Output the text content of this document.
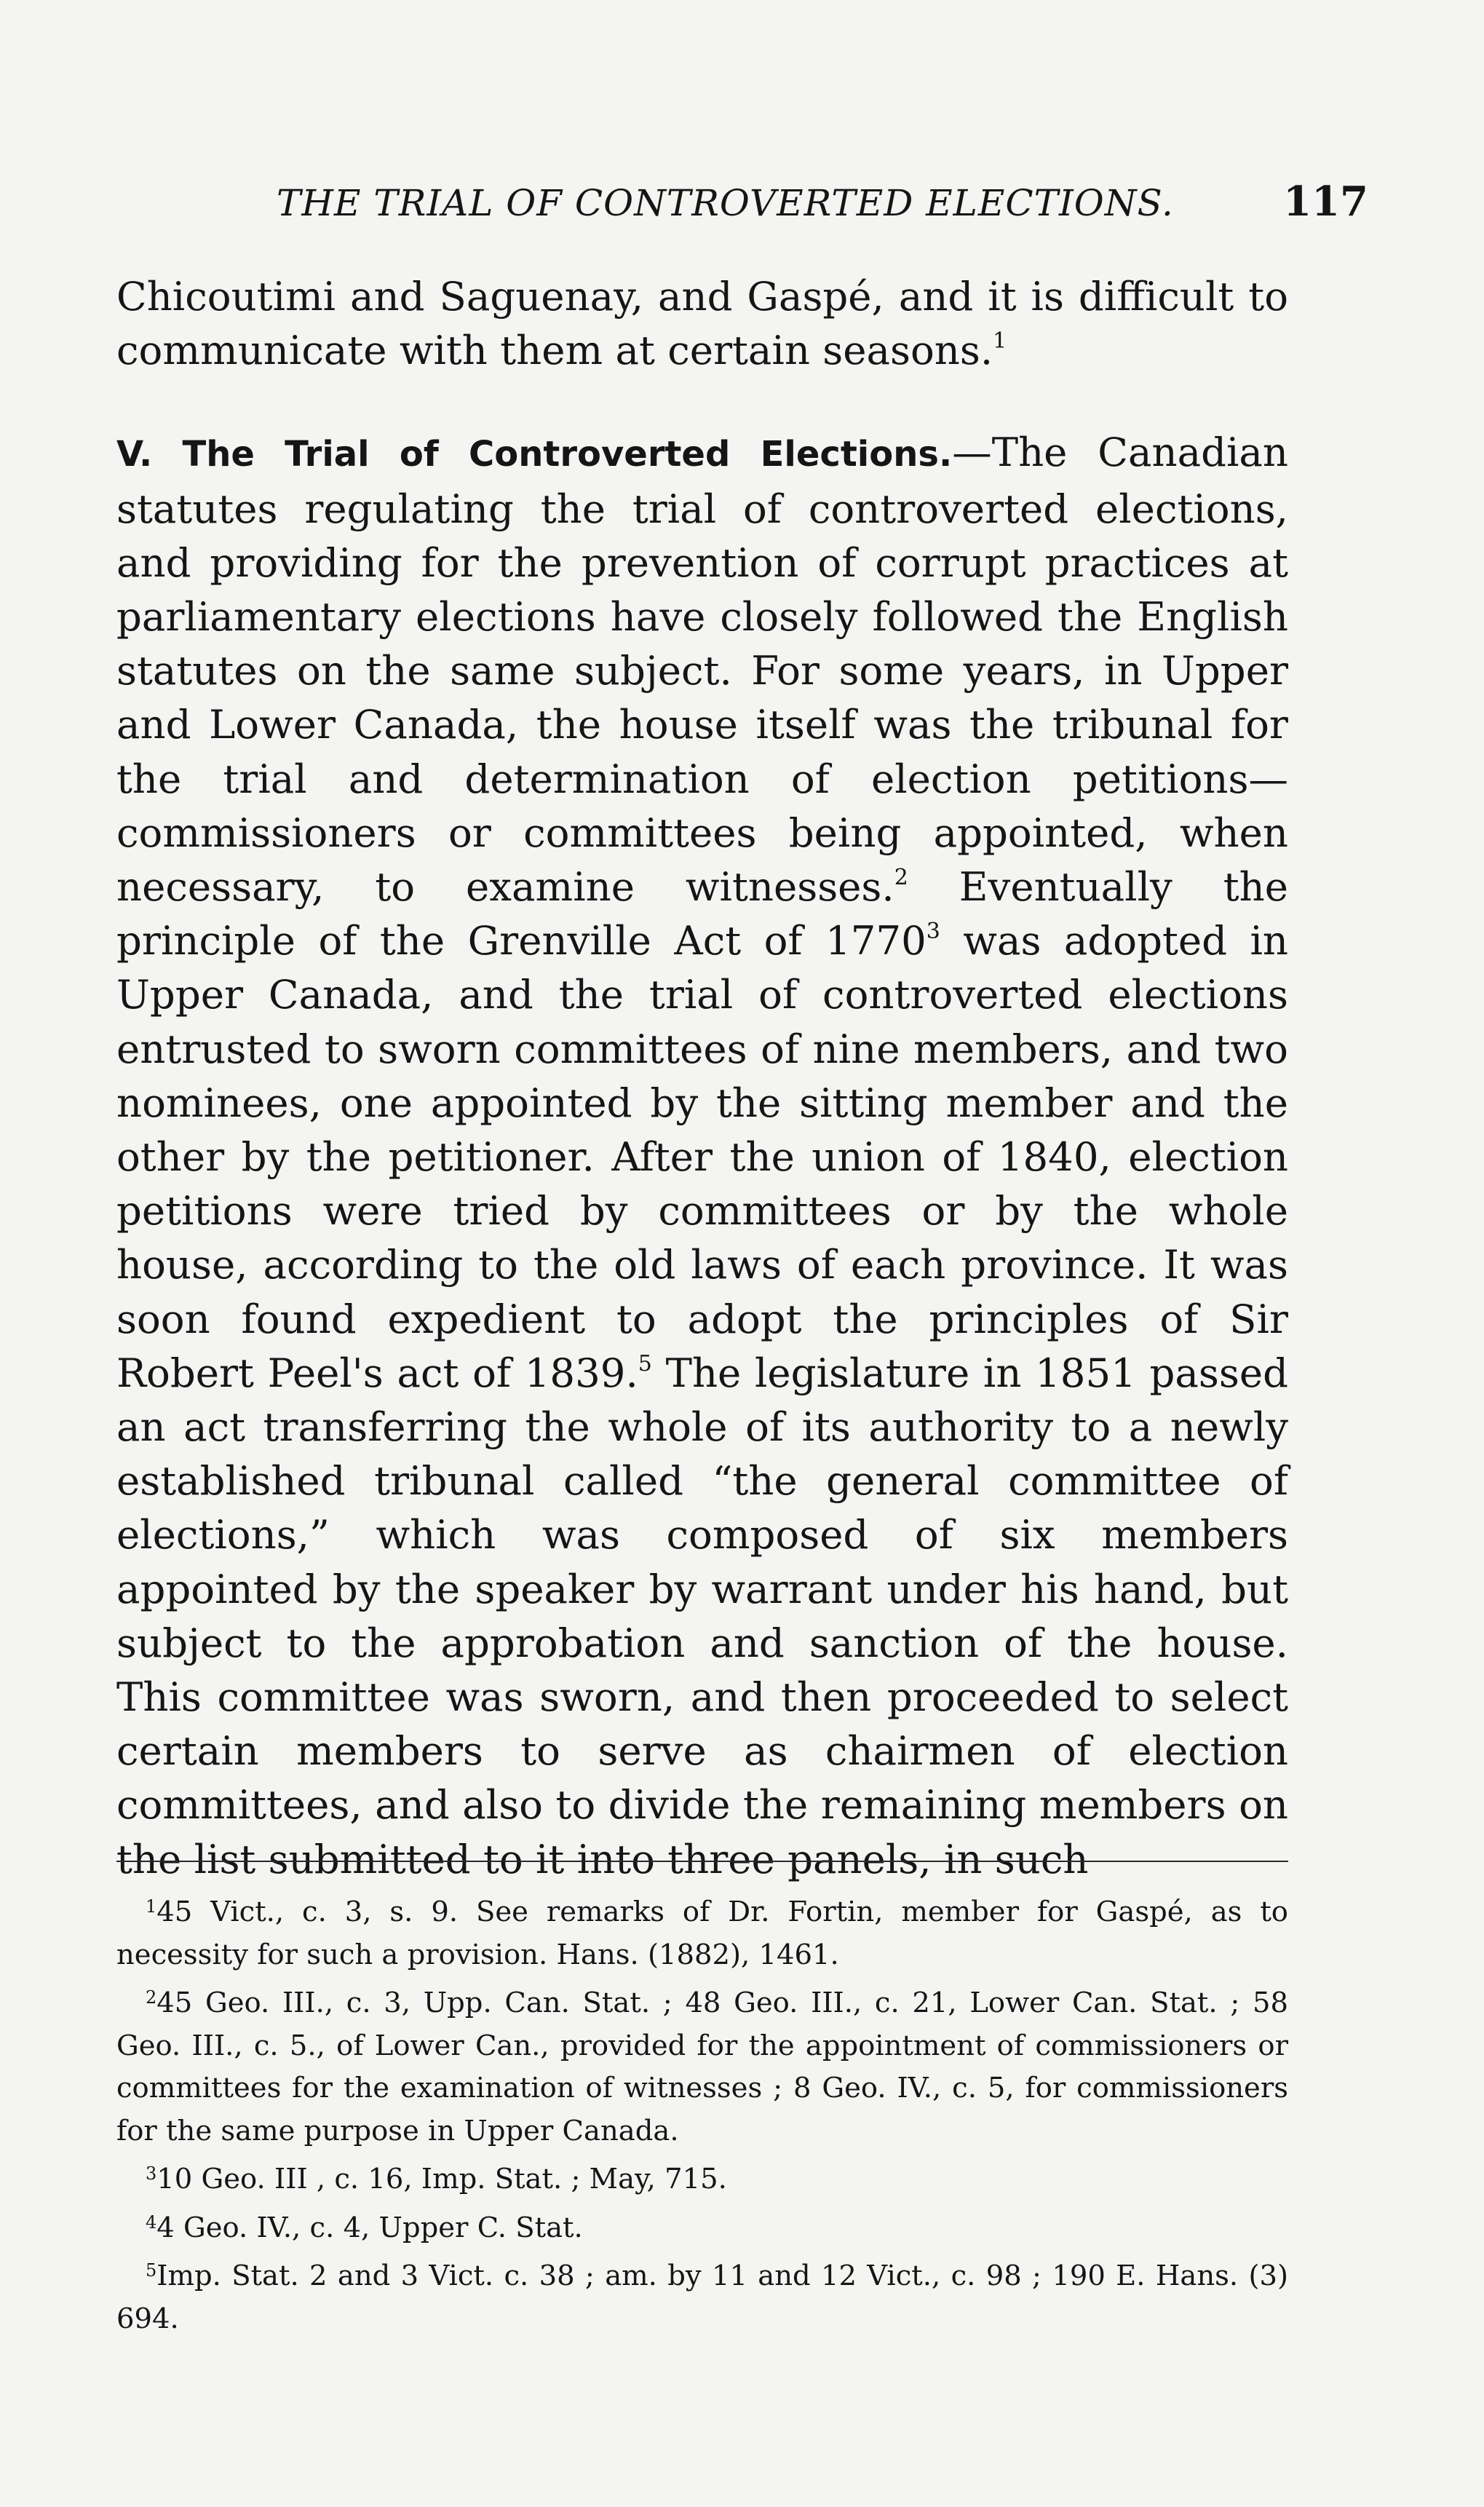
THE TRIAL OF CONTROVERTED ELECTIONS.	117

Chicoutimi and Saguenay, and Gaspé, and it is difficult to communicate with them at certain seasons.$^1$

V. The Trial of Controverted Elections.—The Canadian statutes regulating the trial of controverted elections, and providing for the prevention of corrupt practices at parliamentary elections have closely followed the English statutes on the same subject. For some years, in Upper and Lower Canada, the house itself was the tribunal for the trial and determination of election petitions—commissioners or committees being appointed, when necessary, to examine witnesses.$^2$ Eventually the principle of the Grenville Act of 1770$^3$ was adopted in Upper Canada, and the trial of controverted elections entrusted to sworn committees of nine members, and two nominees, one appointed by the sitting member and the other by the petitioner. After the union of 1840, election petitions were tried by committees or by the whole house, according to the old laws of each province. It was soon found expedient to adopt the principles of Sir Robert Peel's act of 1839.$^5$ The legislature in 1851 passed an act transferring the whole of its authority to a newly established tribunal called “the general committee of elections,” which was composed of six members appointed by the speaker by warrant under his hand, but subject to the approbation and sanction of the house. This committee was sworn, and then proceeded to select certain members to serve as chairmen of election committees, and also to divide the remaining members on the list submitted to it into three panels, in such

$^1$45 Vict., c. 3, s. 9. See remarks of Dr. Fortin, member for Gaspé, as to necessity for such a provision. Hans. (1882), 1461.

$^2$45 Geo. III., c. 3, Upp. Can. Stat. ; 48 Geo. III., c. 21, Lower Can. Stat. ; 58 Geo. III., c. 5., of Lower Can., provided for the appointment of commissioners or committees for the examination of witnesses ; 8 Geo. IV., c. 5, for commissioners for the same purpose in Upper Canada.

$^3$10 Geo. III , c. 16, Imp. Stat. ; May, 715.

$^4$4 Geo. IV., c. 4, Upper C. Stat.

$^5$Imp. Stat. 2 and 3 Vict. c. 38 ; am. by 11 and 12 Vict., c. 98 ; 190 E. Hans. (3) 694.
